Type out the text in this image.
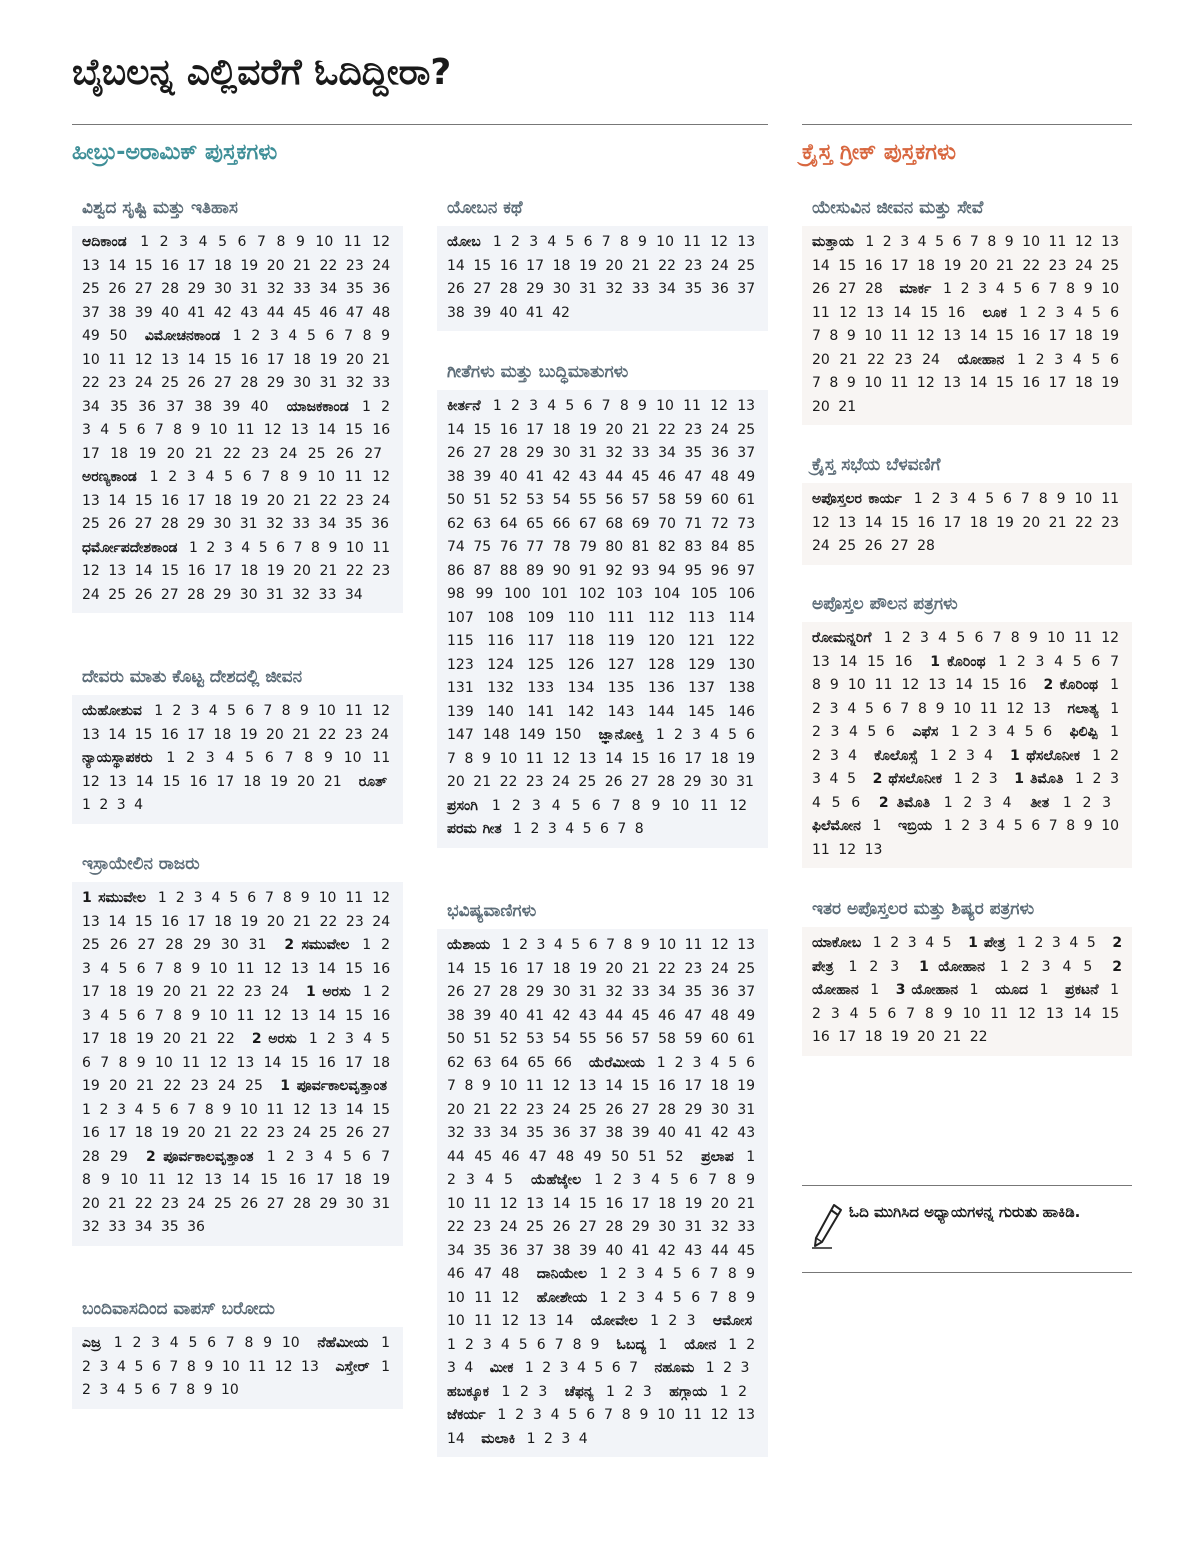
ಬೈಬಲನ್ನ ಎಲ್ಲಿವರೆಗೆ ಓದಿದ್ದೀರಾ?
ಹೀಬ್ರು-ಅರಾಮಿಕ್ ಪುಸ್ತಕಗಳು	ಕ್ರೈಸ್ತ ಗ್ರೀಕ್ ಪುಸ್ತಕಗಳು
ವಿಶ್ವದ ಸೃಷ್ಟಿ ಮತ್ತು ಇತಿಹಾಸ
ಆದಿಕಾಂಡ 1 2 3 4 5 6 7 8 9 10 11 12 13 14 15 16 17 18 19 20 21 22 23 24 25 26 27 28 29 30 31 32 33 34 35 36 37 38 39 40 41 42 43 44 45 46 47 48 49 50 ವಿಮೋಚನಕಾಂಡ 1 2 3 4 5 6 7 8 9 10 11 12 13 14 15 16 17 18 19 20 21 22 23 24 25 26 27 28 29 30 31 32 33 34 35 36 37 38 39 40 ಯಾಜಕಕಾಂಡ 1 2 3 4 5 6 7 8 9 10 11 12 13 14 15 16 17 18 19 20 21 22 23 24 25 26 27 ಅರಣ್ಯಕಾಂಡ 1 2 3 4 5 6 7 8 9 10 11 12 13 14 15 16 17 18 19 20 21 22 23 24 25 26 27 28 29 30 31 32 33 34 35 36 ಧರ್ಮೋಪದೇಶಕಾಂಡ 1 2 3 4 5 6 7 8 9 10 11 12 13 14 15 16 17 18 19 20 21 22 23 24 25 26 27 28 29 30 31 32 33 34
ದೇವರು ಮಾತು ಕೊಟ್ಟ ದೇಶದಲ್ಲಿ ಜೀವನ
ಯೆಹೋಶುವ 1 2 3 4 5 6 7 8 9 10 11 12 13 14 15 16 17 18 19 20 21 22 23 24 ನ್ಯಾಯಸ್ಥಾಪಕರು 1 2 3 4 5 6 7 8 9 10 11 12 13 14 15 16 17 18 19 20 21 ರೂತ್ 1 2 3 4
ಇಸ್ರಾಯೇಲಿನ ರಾಜರು
1 ಸಮುವೇಲ 1 2 3 4 5 6 7 8 9 10 11 12 13 14 15 16 17 18 19 20 21 22 23 24 25 26 27 28 29 30 31 2 ಸಮುವೇಲ 1 2 3 4 5 6 7 8 9 10 11 12 13 14 15 16 17 18 19 20 21 22 23 24 1 ಅರಸು 1 2 3 4 5 6 7 8 9 10 11 12 13 14 15 16 17 18 19 20 21 22 2 ಅರಸು 1 2 3 4 5 6 7 8 9 10 11 12 13 14 15 16 17 18 19 20 21 22 23 24 25 1 ಪೂರ್ವಕಾಲವೃತ್ತಾಂತ 1 2 3 4 5 6 7 8 9 10 11 12 13 14 15 16 17 18 19 20 21 22 23 24 25 26 27 28 29 2 ಪೂರ್ವಕಾಲವೃತ್ತಾಂತ 1 2 3 4 5 6 7 8 9 10 11 12 13 14 15 16 17 18 19 20 21 22 23 24 25 26 27 28 29 30 31 32 33 34 35 36
ಬಂದಿವಾಸದಿಂದ ವಾಪಸ್ ಬರೋದು
ಎಜ್ರ 1 2 3 4 5 6 7 8 9 10 ನೆಹೆಮೀಯ 1 2 3 4 5 6 7 8 9 10 11 12 13 ಎಸ್ತೇರ್ 1 2 3 4 5 6 7 8 9 10
ಯೋಬನ ಕಥೆ
ಯೋಬ 1 2 3 4 5 6 7 8 9 10 11 12 13 14 15 16 17 18 19 20 21 22 23 24 25 26 27 28 29 30 31 32 33 34 35 36 37 38 39 40 41 42
ಗೀತೆಗಳು ಮತ್ತು ಬುದ್ಧಿಮಾತುಗಳು
ಕೀರ್ತನೆ 1 2 3 4 5 6 7 8 9 10 11 12 13 14 15 16 17 18 19 20 21 22 23 24 25 26 27 28 29 30 31 32 33 34 35 36 37 38 39 40 41 42 43 44 45 46 47 48 49 50 51 52 53 54 55 56 57 58 59 60 61 62 63 64 65 66 67 68 69 70 71 72 73 74 75 76 77 78 79 80 81 82 83 84 85 86 87 88 89 90 91 92 93 94 95 96 97 98 99 100 101 102 103 104 105 106 107 108 109 110 111 112 113 114 115 116 117 118 119 120 121 122 123 124 125 126 127 128 129 130 131 132 133 134 135 136 137 138 139 140 141 142 143 144 145 146 147 148 149 150 ಜ್ಞಾನೋಕ್ತಿ 1 2 3 4 5 6 7 8 9 10 11 12 13 14 15 16 17 18 19 20 21 22 23 24 25 26 27 28 29 30 31 ಪ್ರಸಂಗಿ 1 2 3 4 5 6 7 8 9 10 11 12 ಪರಮ ಗೀತ 1 2 3 4 5 6 7 8
ಭವಿಷ್ಯವಾಣಿಗಳು
ಯೆಶಾಯ 1 2 3 4 5 6 7 8 9 10 11 12 13 14 15 16 17 18 19 20 21 22 23 24 25 26 27 28 29 30 31 32 33 34 35 36 37 38 39 40 41 42 43 44 45 46 47 48 49 50 51 52 53 54 55 56 57 58 59 60 61 62 63 64 65 66 ಯೆರೆಮೀಯ 1 2 3 4 5 6 7 8 9 10 11 12 13 14 15 16 17 18 19 20 21 22 23 24 25 26 27 28 29 30 31 32 33 34 35 36 37 38 39 40 41 42 43 44 45 46 47 48 49 50 51 52 ಪ್ರಲಾಪ 1 2 3 4 5 ಯೆಹೆಜ್ಕೇಲ 1 2 3 4 5 6 7 8 9 10 11 12 13 14 15 16 17 18 19 20 21 22 23 24 25 26 27 28 29 30 31 32 33 34 35 36 37 38 39 40 41 42 43 44 45 46 47 48 ದಾನಿಯೇಲ 1 2 3 4 5 6 7 8 9 10 11 12 ಹೋಶೇಯ 1 2 3 4 5 6 7 8 9 10 11 12 13 14 ಯೋವೇಲ 1 2 3 ಆಮೋಸ 1 2 3 4 5 6 7 8 9 ಓಬದ್ಯ 1 ಯೋನ 1 2 3 4 ಮೀಕ 1 2 3 4 5 6 7 ನಹೂಮ 1 2 3 ಹಬಕ್ಕೂಕ 1 2 3 ಚೆಫನ್ಯ 1 2 3 ಹಗ್ಗಾಯ 1 2 ಜೆಕರ್ಯ 1 2 3 4 5 6 7 8 9 10 11 12 13 14 ಮಲಾಕಿ 1 2 3 4
ಯೇಸುವಿನ ಜೀವನ ಮತ್ತು ಸೇವೆ
ಮತ್ತಾಯ 1 2 3 4 5 6 7 8 9 10 11 12 13 14 15 16 17 18 19 20 21 22 23 24 25 26 27 28 ಮಾರ್ಕ 1 2 3 4 5 6 7 8 9 10 11 12 13 14 15 16 ಲೂಕ 1 2 3 4 5 6 7 8 9 10 11 12 13 14 15 16 17 18 19 20 21 22 23 24 ಯೋಹಾನ 1 2 3 4 5 6 7 8 9 10 11 12 13 14 15 16 17 18 19 20 21
ಕ್ರೈಸ್ತ ಸಭೆಯ ಬೆಳವಣಿಗೆ
ಅಪೊಸ್ತಲರ ಕಾರ್ಯ 1 2 3 4 5 6 7 8 9 10 11 12 13 14 15 16 17 18 19 20 21 22 23 24 25 26 27 28
ಅಪೊಸ್ತಲ ಪೌಲನ ಪತ್ರಗಳು
ರೋಮನ್ನರಿಗೆ 1 2 3 4 5 6 7 8 9 10 11 12 13 14 15 16 1 ಕೊರಿಂಥ 1 2 3 4 5 6 7 8 9 10 11 12 13 14 15 16 2 ಕೊರಿಂಥ 1 2 3 4 5 6 7 8 9 10 11 12 13 ಗಲಾತ್ಯ 1 2 3 4 5 6 ಎಫೆಸ 1 2 3 4 5 6 ಫಿಲಿಪ್ಪಿ 1 2 3 4 ಕೊಲೊಸ್ಸೆ 1 2 3 4 1 ಥೆಸಲೊನೀಕ 1 2 3 4 5 2 ಥೆಸಲೊನೀಕ 1 2 3 1 ತಿಮೊತಿ 1 2 3 4 5 6 2 ತಿಮೊತಿ 1 2 3 4 ತೀತ 1 2 3 ಫಿಲೆಮೋನ 1 ಇಬ್ರಿಯ 1 2 3 4 5 6 7 8 9 10 11 12 13
ಇತರ ಅಪೊಸ್ತಲರ ಮತ್ತು ಶಿಷ್ಯರ ಪತ್ರಗಳು
ಯಾಕೋಬ 1 2 3 4 5 1 ಪೇತ್ರ 1 2 3 4 5 2 ಪೇತ್ರ 1 2 3 1 ಯೋಹಾನ 1 2 3 4 5 2 ಯೋಹಾನ 1 3 ಯೋಹಾನ 1 ಯೂದ 1 ಪ್ರಕಟನೆ 1 2 3 4 5 6 7 8 9 10 11 12 13 14 15 16 17 18 19 20 21 22
ಓದಿ ಮುಗಿಸಿದ ಅಧ್ಯಾಯಗಳನ್ನ ಗುರುತು ಹಾಕಿಡಿ.
